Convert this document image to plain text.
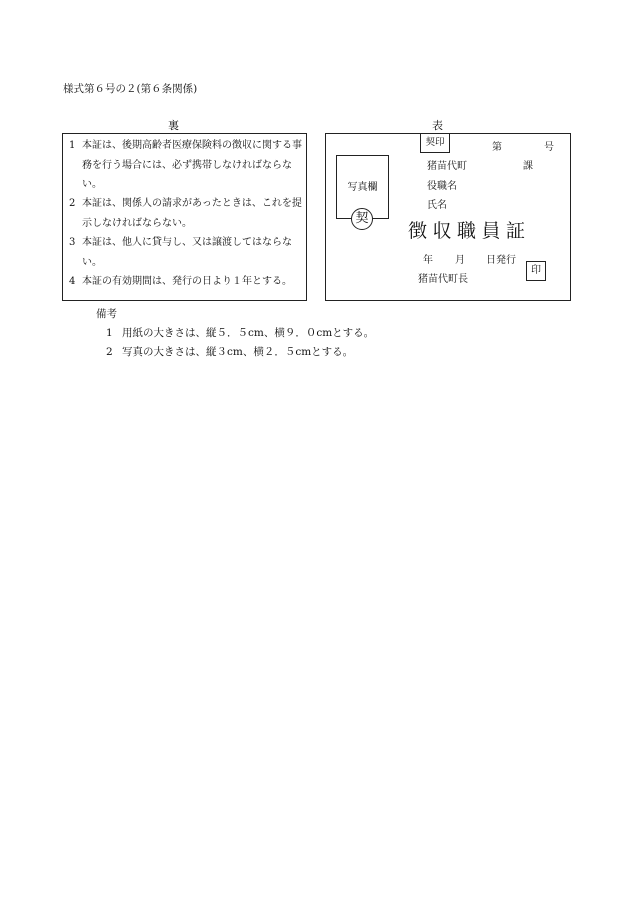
様式第６号の２(第６条関係)
裏	表
1 本証は、後期高齢者医療保険料の徴収に関する事務を行う場合には、必ず携帯しなければならない。
2 本証は、関係人の請求があったときは、これを提示しなければならない。
3 本証は、他人に貸与し、又は譲渡してはならない。
4 本証の有効期間は、発行の日より１年とする。
契印	第	号
写真欄
契
猪苗代町	課
役職名
氏名
徴収職員証
年 月 日発行
猪苗代町長
印
備考
1 用紙の大きさは、縦５．５cm、横９．０cmとする。
2 写真の大きさは、縦３cm、横２．５cmとする。
